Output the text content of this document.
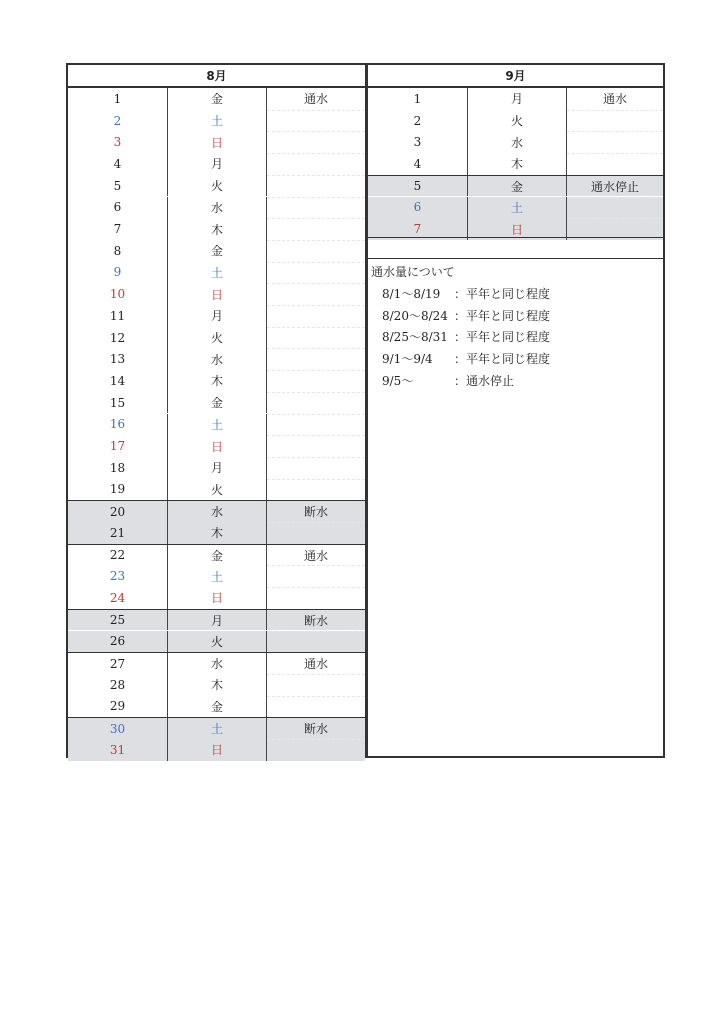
8月
1	金	通水
2	土
3	日
4	月
5	火
6	水
7	木
8	金
9	土
10	日
11	月
12	火
13	水
14	木
15	金
16	土
17	日
18	月
19	火
20	水	断水
21	木
22	金	通水
23	土
24	日
25	月	断水
26	火
27	水	通水
28	木
29	金
30	土	断水
31	日
9月
1	月	通水
2	火
3	水
4	木
5	金	通水停止
6	土
7	日
通水量について
8/1～8/19	：平年と同じ程度
8/20～8/24 ：平年と同じ程度
8/25～8/31 ：平年と同じ程度
9/1～9/4	：平年と同じ程度
9/5～	：通水停止
